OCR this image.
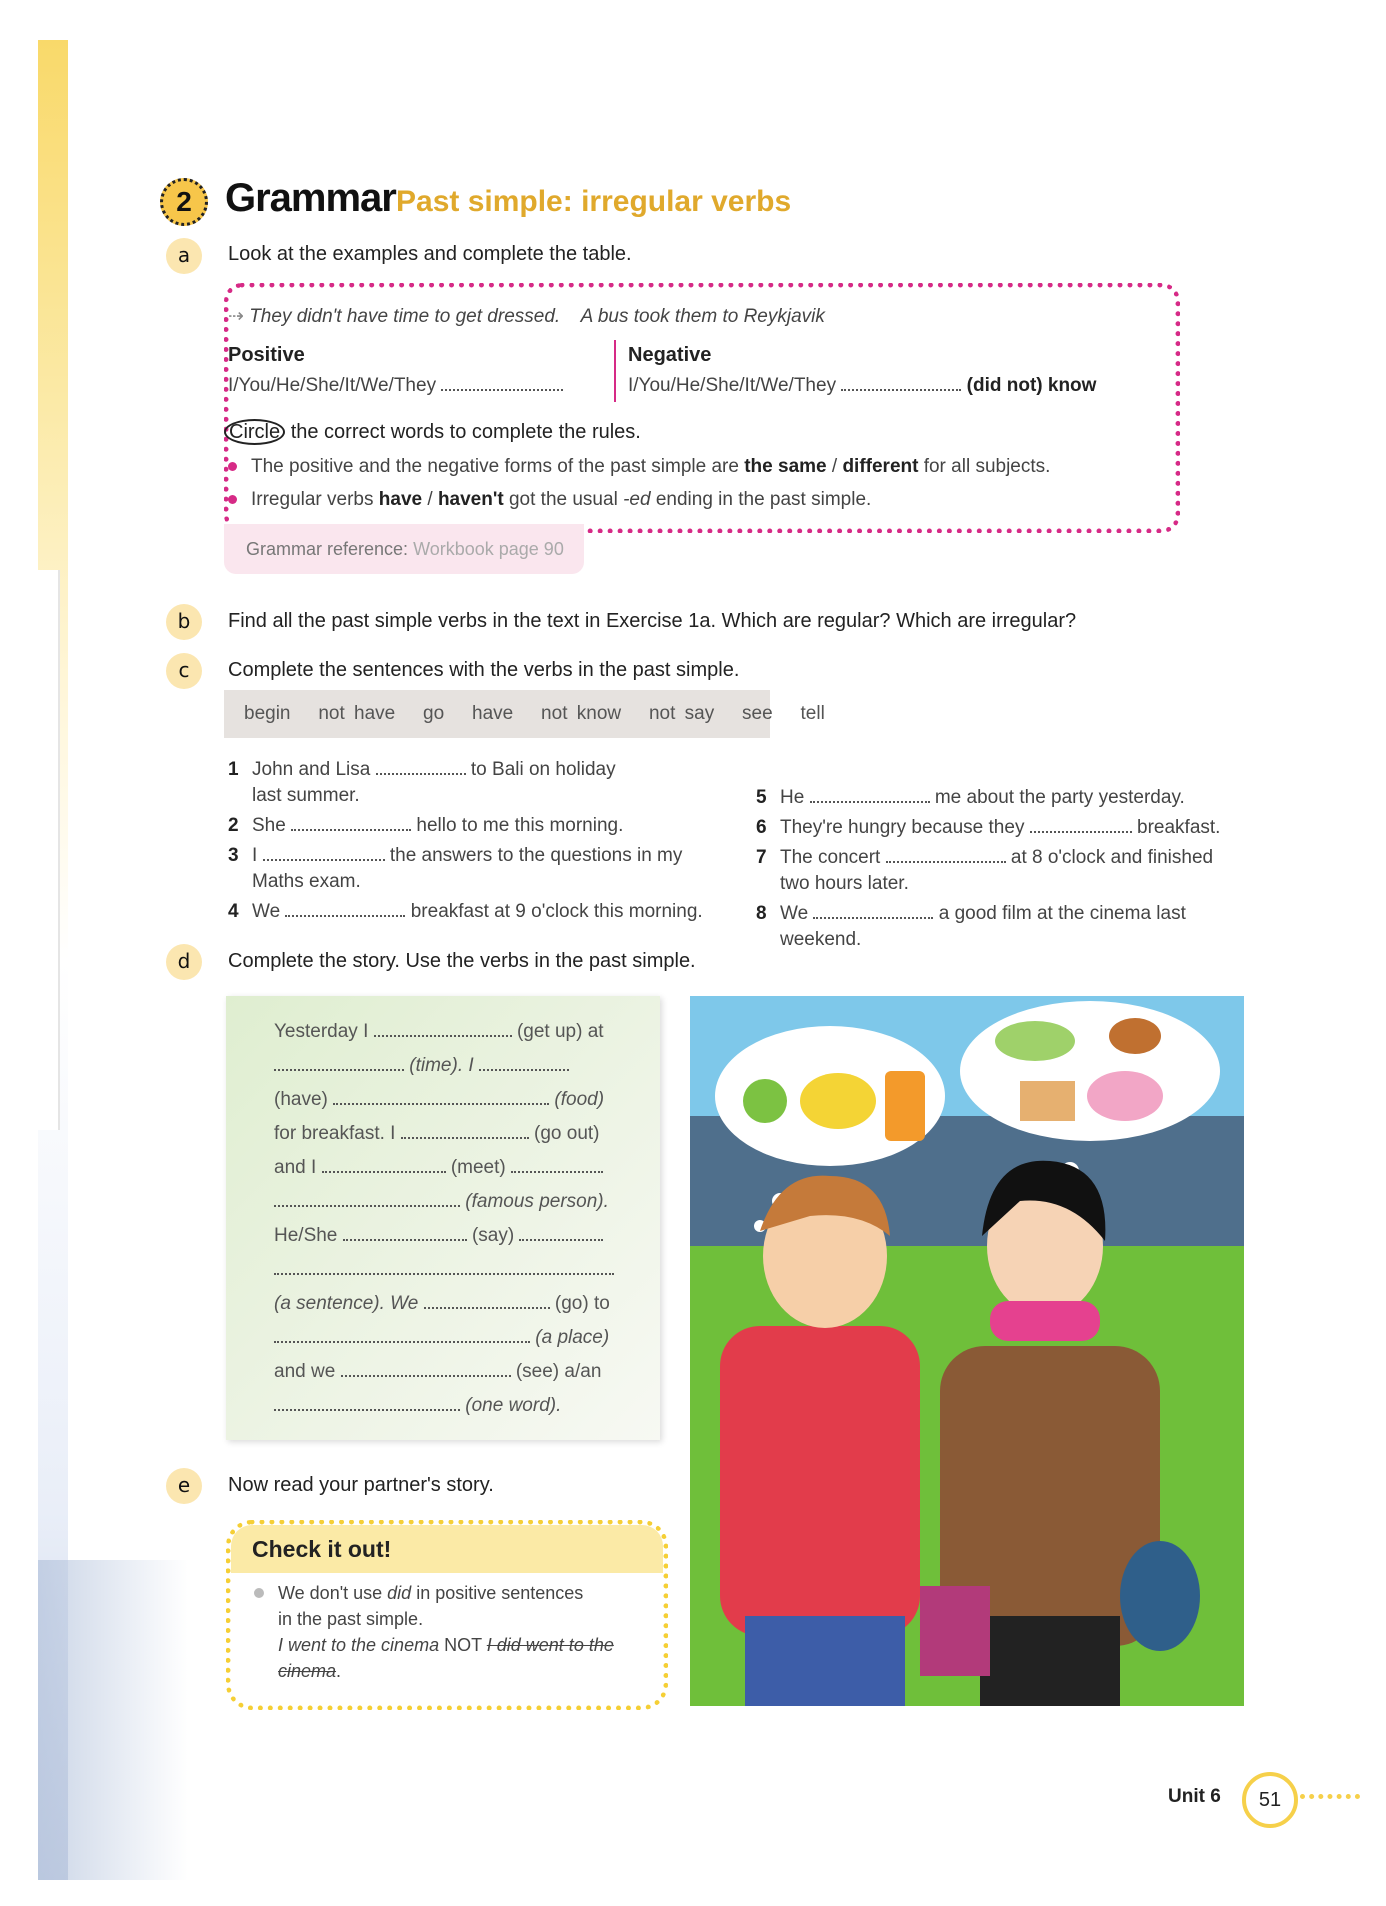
2 Grammar Past simple: irregular verbs
a	Look at the examples and complete the table.
⇢ They didn't have time to get dressed.    A bus took them to Reykjavik
Positive
I/You/He/She/It/We/They
Negative
I/You/He/She/It/We/They	(did not) know
Circle the correct words to complete the rules.
The positive and the negative forms of the past simple are the same / different for all subjects.
Irregular verbs have / haven't got the usual -ed ending in the past simple.
Grammar reference: Workbook page 90
b	Find all the past simple verbs in the text in Exercise 1a. Which are regular? Which are irregular?
c	Complete the sentences with the verbs in the past simple.
begin   not have   go   have   not know   not say   see   tell
1 John and Lisa	to Bali on holiday
last summer.
2 She	hello to me this morning.
3 I	the answers to the questions in my
Maths exam.
4 We	breakfast at 9 o'clock this morning.
5 He	me about the party yesterday.
6 They're hungry because they	breakfast.
7 The concert	at 8 o'clock and finished
two hours later.
8 We	a good film at the cinema last
weekend.
d	Complete the story. Use the verbs in the past simple.
Yesterday I	(get up) at
(time). I
(have)	(food)
for breakfast. I	(go out)
and I	(meet)
(famous person).
He/She	(say)
(a sentence). We	(go) to
(a place)
and we	(see) a/an
(one word).
e	Now read your partner's story.
Check it out!
We don't use did in positive sentences
in the past simple.
I went to the cinema NOT I did went to the cinema.
Unit 6	51
